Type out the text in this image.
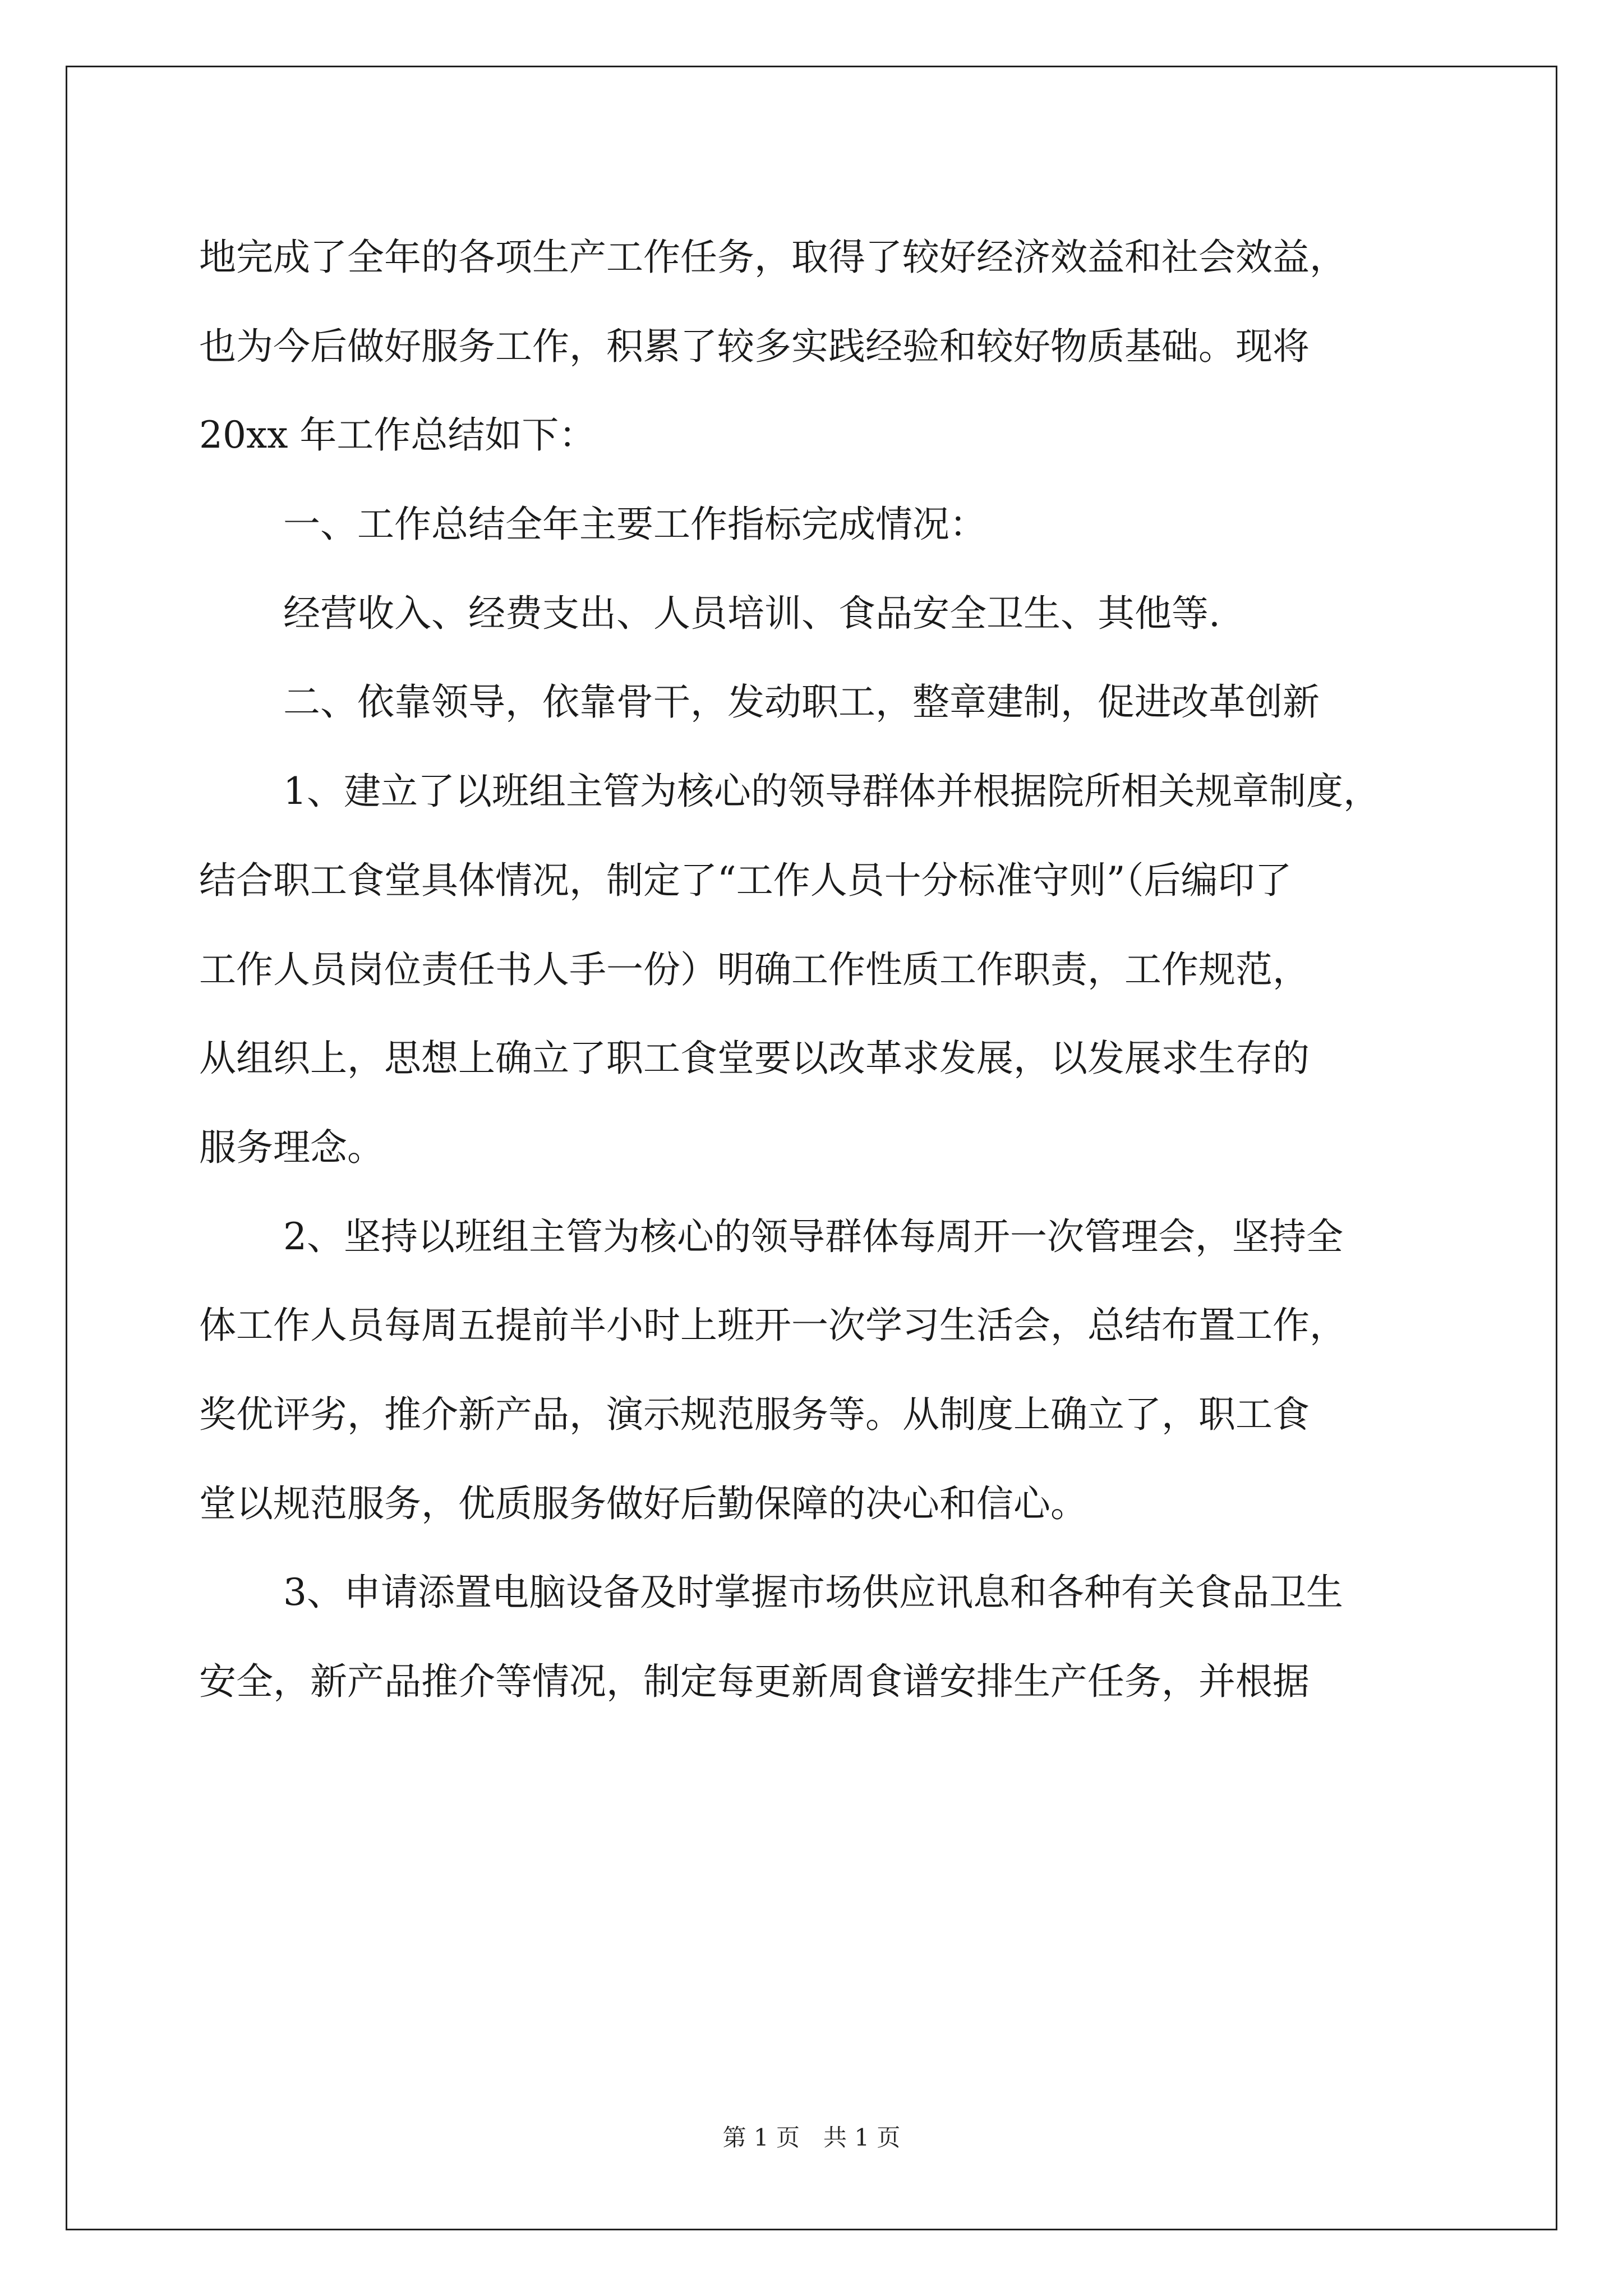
地完成了全年的各项生产工作任务，取得了较好经济效益和社会效益，
也为今后做好服务工作，积累了较多实践经验和较好物质基础。现将
20xx 年工作总结如下：
一、工作总结全年主要工作指标完成情况：
经营收入、经费支出、人员培训、食品安全卫生、其他等.
二、依靠领导，依靠骨干，发动职工，整章建制，促进改革创新
1、建立了以班组主管为核心的领导群体并根据院所相关规章制度，
结合职工食堂具体情况，制定了“工作人员十分标准守则”（后编印了
工作人员岗位责任书人手一份）明确工作性质工作职责，工作规范，
从组织上，思想上确立了职工食堂要以改革求发展，以发展求生存的
服务理念。
2、坚持以班组主管为核心的领导群体每周开一次管理会，坚持全
体工作人员每周五提前半小时上班开一次学习生活会，总结布置工作，
奖优评劣，推介新产品，演示规范服务等。从制度上确立了，职工食
堂以规范服务，优质服务做好后勤保障的决心和信心。
3、申请添置电脑设备及时掌握市场供应讯息和各种有关食品卫生
安全，新产品推介等情况，制定每更新周食谱安排生产任务，并根据
第 1 页　共 1 页
